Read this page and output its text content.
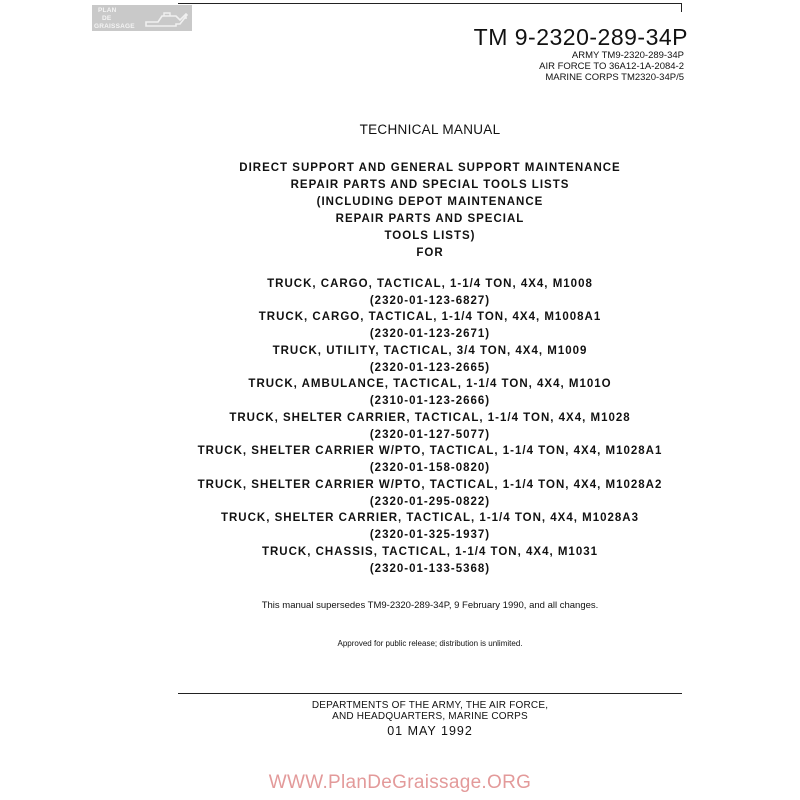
PLAN
DE
GRAISSAGE	TM 9-2320-289-34P
ARMY TM9-2320-289-34P
AIR FORCE TO 36A12-1A-2084-2
MARINE CORPS TM2320-34P/5
TECHNICAL MANUAL
DIRECT SUPPORT AND GENERAL SUPPORT MAINTENANCE
REPAIR PARTS AND SPECIAL TOOLS LISTS
(INCLUDING DEPOT MAINTENANCE
REPAIR PARTS AND SPECIAL
TOOLS LISTS)
FOR
TRUCK, CARGO, TACTICAL, 1-1/4 TON, 4X4, M1008
(2320-01-123-6827)
TRUCK, CARGO, TACTICAL, 1-1/4 TON, 4X4, M1008A1
(2320-01-123-2671)
TRUCK, UTILITY, TACTICAL, 3/4 TON, 4X4, M1009
(2320-01-123-2665)
TRUCK, AMBULANCE, TACTICAL, 1-1/4 TON, 4X4, M101O
(2310-01-123-2666)
TRUCK, SHELTER CARRIER, TACTICAL, 1-1/4 TON, 4X4, M1028
(2320-01-127-5077)
TRUCK, SHELTER CARRIER W/PTO, TACTICAL, 1-1/4 TON, 4X4, M1028A1
(2320-01-158-0820)
TRUCK, SHELTER CARRIER W/PTO, TACTICAL, 1-1/4 TON, 4X4, M1028A2
(2320-01-295-0822)
TRUCK, SHELTER CARRIER, TACTICAL, 1-1/4 TON, 4X4, M1028A3
(2320-01-325-1937)
TRUCK, CHASSIS, TACTICAL, 1-1/4 TON, 4X4, M1031
(2320-01-133-5368)
This manual supersedes TM9-2320-289-34P, 9 February 1990, and all changes.
Approved for public release; distribution is unlimited.
DEPARTMENTS OF THE ARMY, THE AIR FORCE,
AND HEADQUARTERS, MARINE CORPS
01 MAY 1992
WWW.PlanDeGraissage.ORG
